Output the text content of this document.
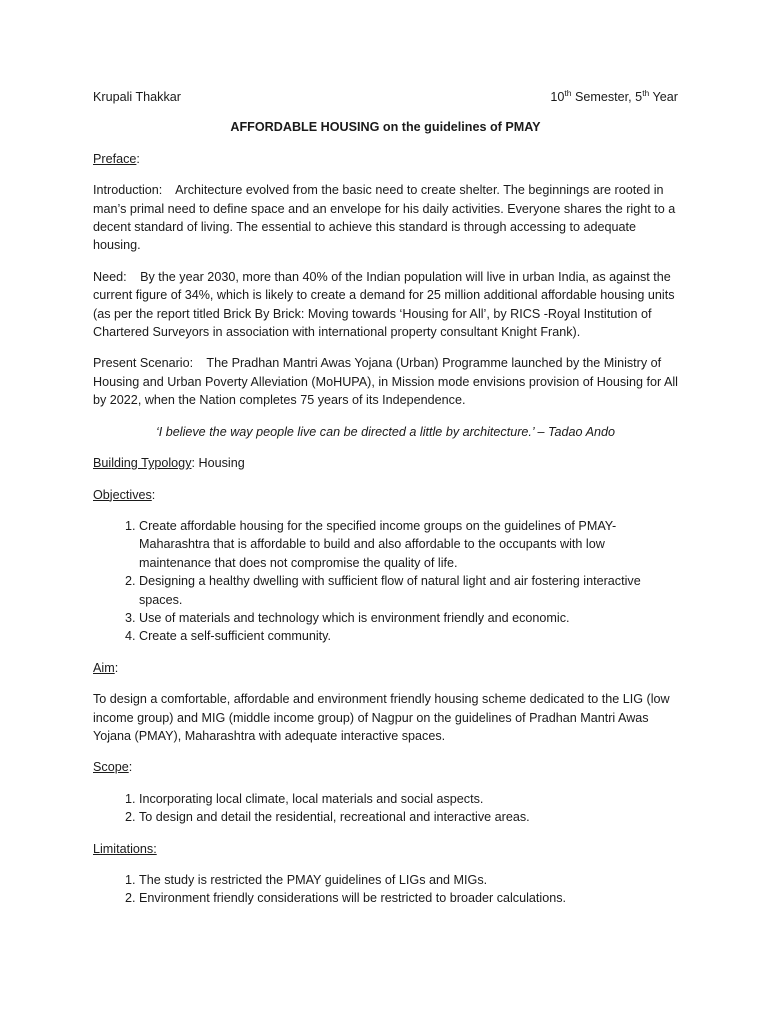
Krupali Thakkar	10th Semester, 5th Year
AFFORDABLE HOUSING on the guidelines of PMAY
Preface:

Introduction: Architecture evolved from the basic need to create shelter. The beginnings are rooted in man’s primal need to define space and an envelope for his daily activities. Everyone shares the right to a decent standard of living. The essential to achieve this standard is through accessing to adequate housing.

Need: By the year 2030, more than 40% of the Indian population will live in urban India, as against the current figure of 34%, which is likely to create a demand for 25 million additional affordable housing units (as per the report titled Brick By Brick: Moving towards ‘Housing for All’, by RICS -Royal Institution of Chartered Surveyors in association with international property consultant Knight Frank).

Present Scenario: The Pradhan Mantri Awas Yojana (Urban) Programme launched by the Ministry of Housing and Urban Poverty Alleviation (MoHUPA), in Mission mode envisions provision of Housing for All by 2022, when the Nation completes 75 years of its Independence.

‘I believe the way people live can be directed a little by architecture.’ – Tadao Ando
Building Typology: Housing
Objectives:
1. Create affordable housing for the specified income groups on the guidelines of PMAY- Maharashtra that is affordable to build and also affordable to the occupants with low maintenance that does not compromise the quality of life.
2. Designing a healthy dwelling with sufficient flow of natural light and air fostering interactive spaces.
3. Use of materials and technology which is environment friendly and economic.
4. Create a self-sufficient community.
Aim:

To design a comfortable, affordable and environment friendly housing scheme dedicated to the LIG (low income group) and MIG (middle income group) of Nagpur on the guidelines of Pradhan Mantri Awas Yojana (PMAY), Maharashtra with adequate interactive spaces.

Scope:
1. Incorporating local climate, local materials and social aspects.
2. To design and detail the residential, recreational and interactive areas.
Limitations:
1. The study is restricted the PMAY guidelines of LIGs and MIGs.
2. Environment friendly considerations will be restricted to broader calculations.
